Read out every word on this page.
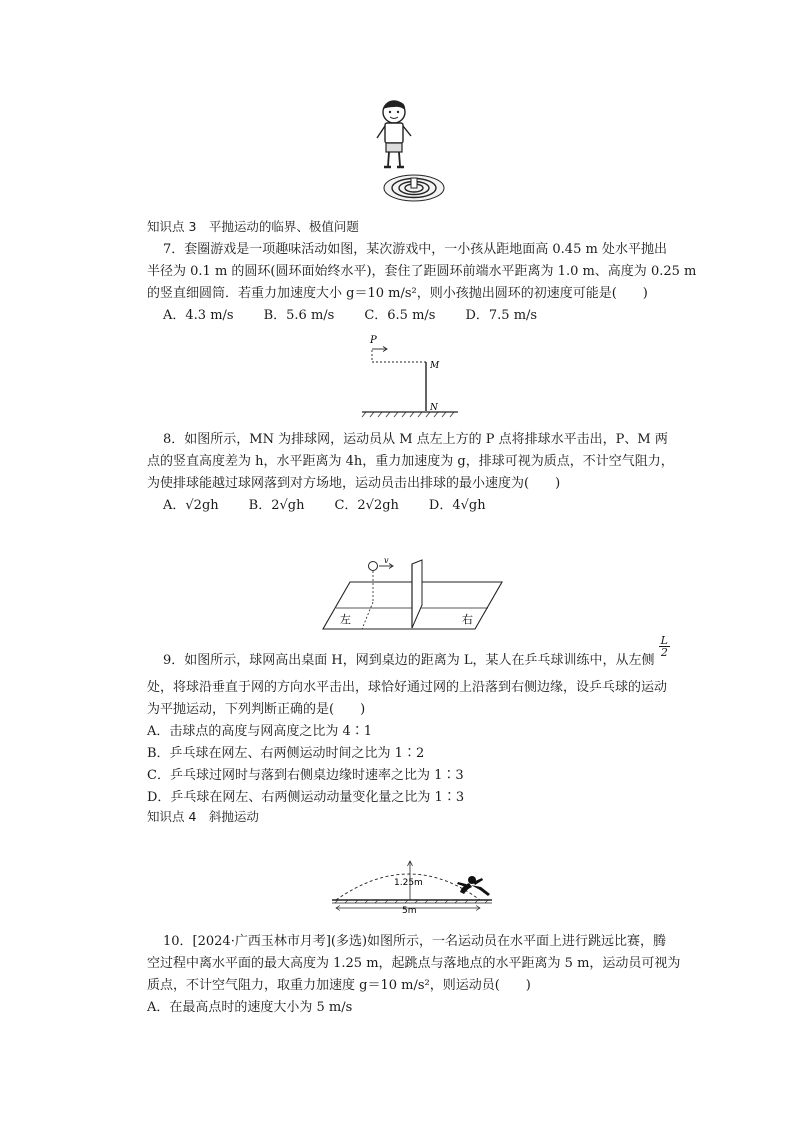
知识点 3　平抛运动的临界、极值问题
7．套圈游戏是一项趣味活动如图，某次游戏中，一小孩从距地面高 0.45 m 处水平抛出
半径为 0.1 m 的圆环(圆环面始终水平)，套住了距圆环前端水平距离为 1.0 m、高度为 0.25 m
的竖直细圆筒．若重力加速度大小 g＝10 m/s²，则小孩抛出圆环的初速度可能是(　　)
A．4.3 m/s B．5.6 m/s C．6.5 m/s D．7.5 m/s
P
M
N
8．如图所示，MN 为排球网，运动员从 M 点左上方的 P 点将排球水平击出，P、M 两
点的竖直高度差为 h，水平距离为 4h，重力加速度为 g，排球可视为质点，不计空气阻力，
为使排球能越过球网落到对方场地，运动员击出排球的最小速度为(　　)
A．√2gh B．2√gh C．2√2gh D．4√gh
v
左	右
9．如图所示，球网高出桌面 H，网到桌边的距离为 L，某人在乒乓球训练中，从左侧
$\frac{L}{2}$
处，将球沿垂直于网的方向水平击出，球恰好通过网的上沿落到右侧边缘，设乒乓球的运动
为平抛运动，下列判断正确的是(　　)
A．击球点的高度与网高度之比为 4∶1
B．乒乓球在网左、右两侧运动时间之比为 1∶2
C．乒乓球过网时与落到右侧桌边缘时速率之比为 1∶3
D．乒乓球在网左、右两侧运动动量变化量之比为 1∶3
知识点 4　斜抛运动
1.25m
5m
10．[2024·广西玉林市月考](多选)如图所示，一名运动员在水平面上进行跳远比赛，腾
空过程中离水平面的最大高度为 1.25 m，起跳点与落地点的水平距离为 5 m，运动员可视为
质点，不计空气阻力，取重力加速度 g＝10 m/s²，则运动员(　　)
A．在最高点时的速度大小为 5 m/s
